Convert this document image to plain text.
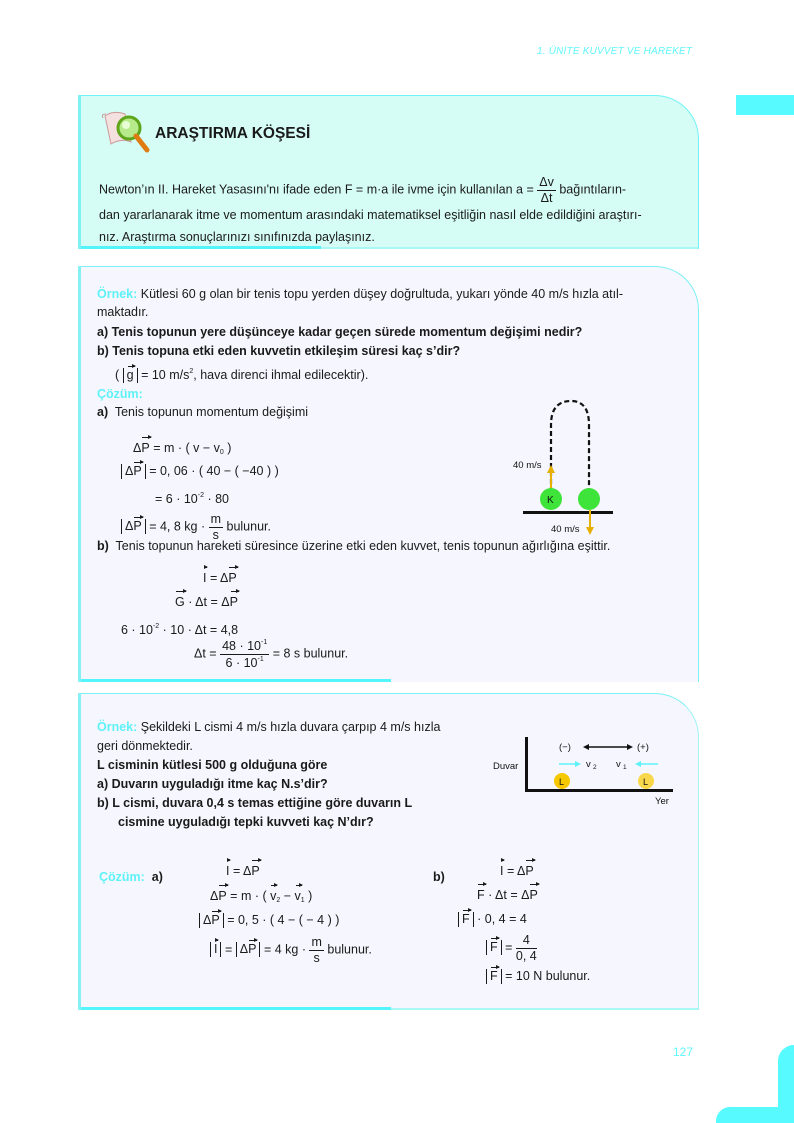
1. ÜNİTE KUVVET VE HAREKET
ARAŞTIRMA KÖŞESİ
Newton’ın II. Hareket Yasasını'nı ifade eden F = m·a ile ivme için kullanılan $a = \frac{\Delta v}{\Delta t}$ bağıntıların-
dan yararlanarak itme ve momentum arasındaki matematiksel eşitliğin nasıl elde edildiğini araştırı-
nız. Araştırma sonuçlarınızı sınıfınızda paylaşınız.
Örnek: Kütlesi 60 g olan bir tenis topu yerden düşey doğrultuda, yukarı yönde 40 m/s hızla atıl-
maktadır.
a) Tenis topunun yere düşünceye kadar geçen sürede momentum değişimi nedir?
b) Tenis topuna etki eden kuvvetin etkileşim süresi kaç s’dir?
( g = 10 $m/s^2$, hava direnci ihmal edilecektir).
Çözüm:
a) Tenis topunun momentum değişimi
ΔP = m · ( $v - v_0$ )
ΔP = 0, 06 · ( 40 − ( −40 ) )
= $6 \cdot 10^{-2} \cdot 80$
ΔP = 4, 8 kg · $\frac{m}{s}$ bulunur.
b) Tenis topunun hareketi süresince üzerine etki eden kuvvet, tenis topunun ağırlığına eşittir.
I = ΔP
G · Δt = ΔP
$6 \cdot 10^{-2} \cdot 10 \cdot \Delta t = 4,8$
$\Delta t = \frac{48 \cdot 10^{-1}}{6 \cdot 10^{-1}} = 8$ s bulunur.
40 m/s
K
40 m/s
Örnek: Şekildeki L cismi 4 m/s hızla duvara çarpıp 4 m/s hızla
geri dönmektedir.
L cisminin kütlesi 500 g olduğuna göre
a) Duvarın uyguladığı itme kaç N.s’dir?
b) L cismi, duvara 0,4 s temas ettiğine göre duvarın L
cismine uyguladığı tepki kuvveti kaç N’dır?
(−)	(+)
Duvar	v 2 v 1
L	L
Yer
Çözüm: a)	I = ΔP
ΔP = m · ( $v_2 - v_1$ )
ΔP = 0, 5 · ( 4 − ( − 4 ) )
I = ΔP = 4 kg · $\frac{m}{s}$ bulunur.
b)	I = ΔP
F · Δt = ΔP
F · 0, 4 = 4
$F = \frac{4}{0, 4}$
F = 10 N bulunur.
127
